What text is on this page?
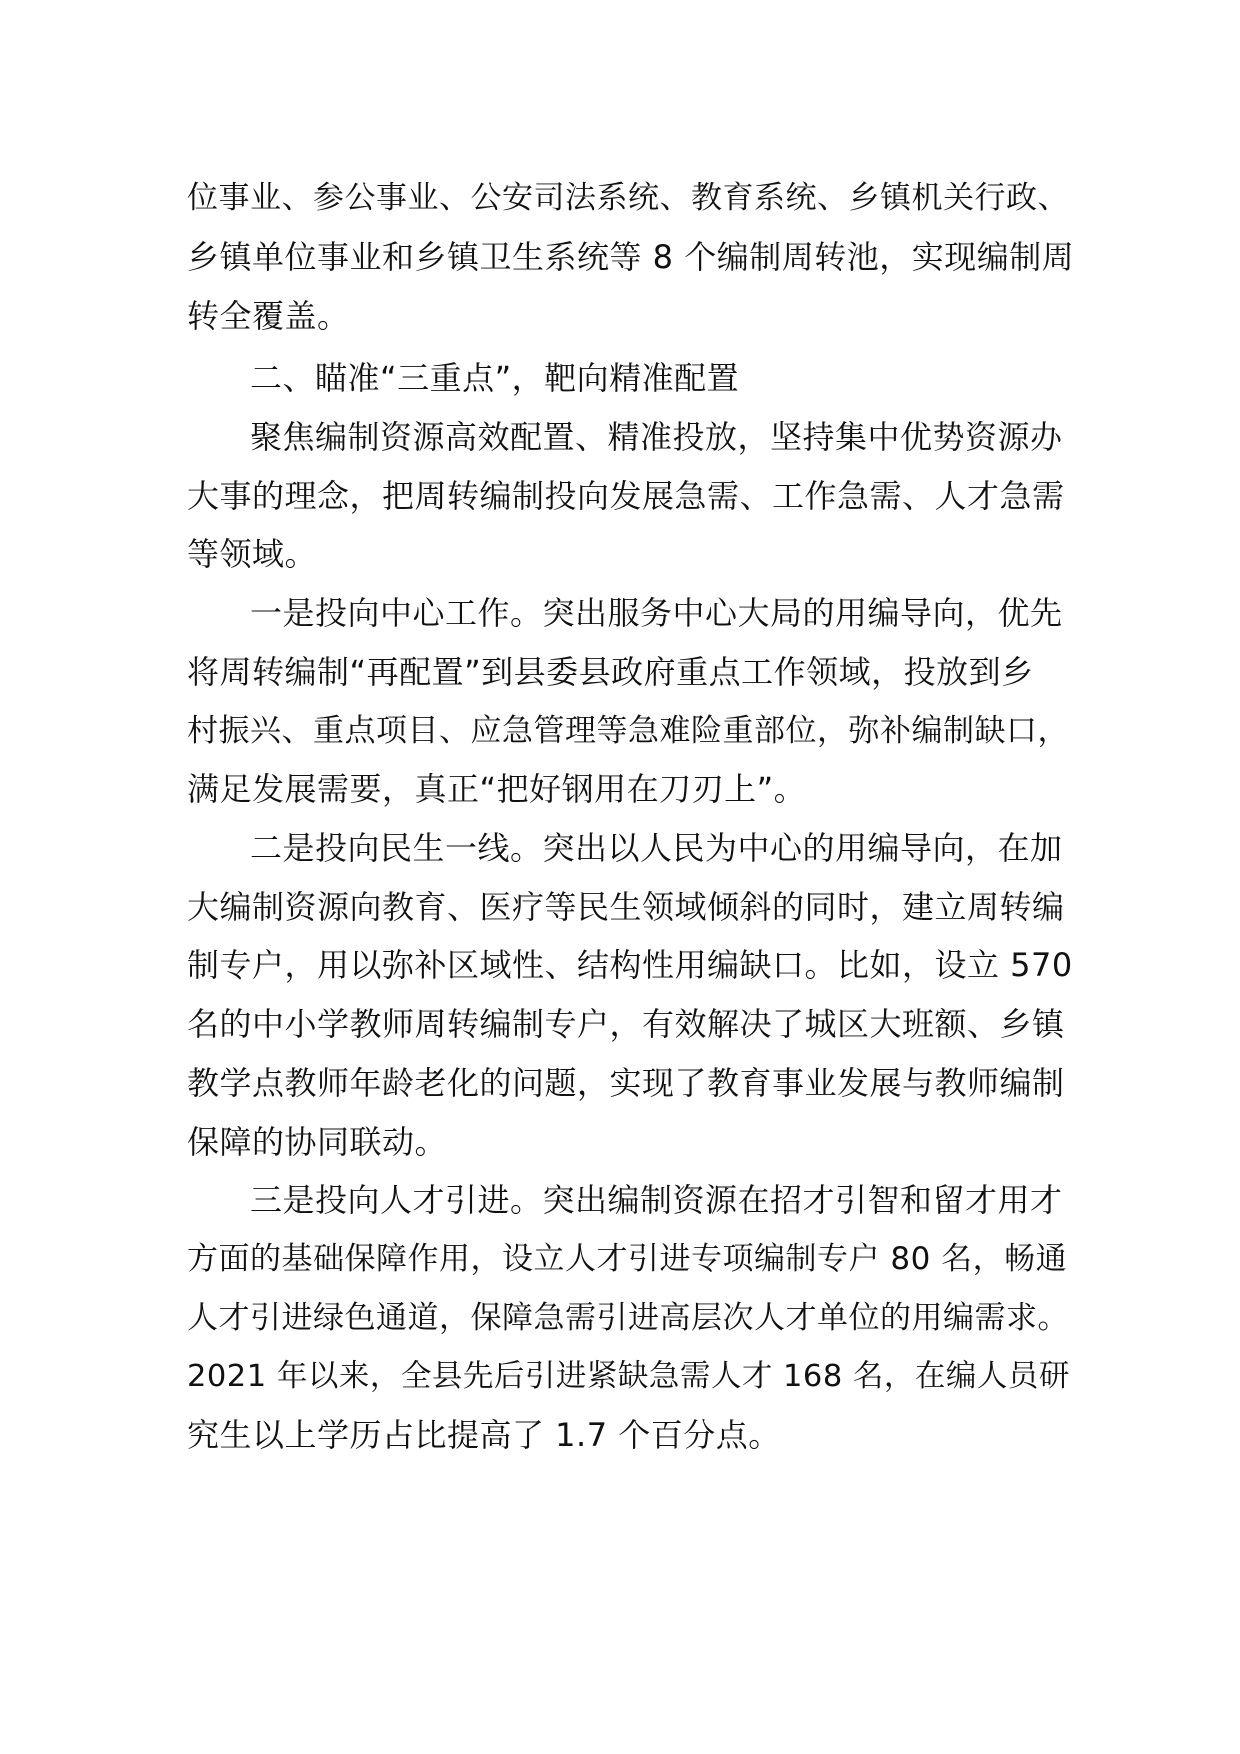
位事业、参公事业、公安司法系统、教育系统、乡镇机关行政、
乡镇单位事业和乡镇卫生系统等 8 个编制周转池，实现编制周
转全覆盖。
二、瞄准“三重点”，靶向精准配置
聚焦编制资源高效配置、精准投放，坚持集中优势资源办
大事的理念，把周转编制投向发展急需、工作急需、人才急需
等领域。
一是投向中心工作。突出服务中心大局的用编导向，优先
将周转编制“再配置”到县委县政府重点工作领域，投放到乡
村振兴、重点项目、应急管理等急难险重部位，弥补编制缺口，
满足发展需要，真正“把好钢用在刀刃上”。
二是投向民生一线。突出以人民为中心的用编导向，在加
大编制资源向教育、医疗等民生领域倾斜的同时，建立周转编
制专户，用以弥补区域性、结构性用编缺口。比如，设立 570
名的中小学教师周转编制专户，有效解决了城区大班额、乡镇
教学点教师年龄老化的问题，实现了教育事业发展与教师编制
保障的协同联动。
三是投向人才引进。突出编制资源在招才引智和留才用才
方面的基础保障作用，设立人才引进专项编制专户 80 名，畅通
人才引进绿色通道，保障急需引进高层次人才单位的用编需求。
2021 年以来，全县先后引进紧缺急需人才 168 名，在编人员研
究生以上学历占比提高了 1.7 个百分点。
